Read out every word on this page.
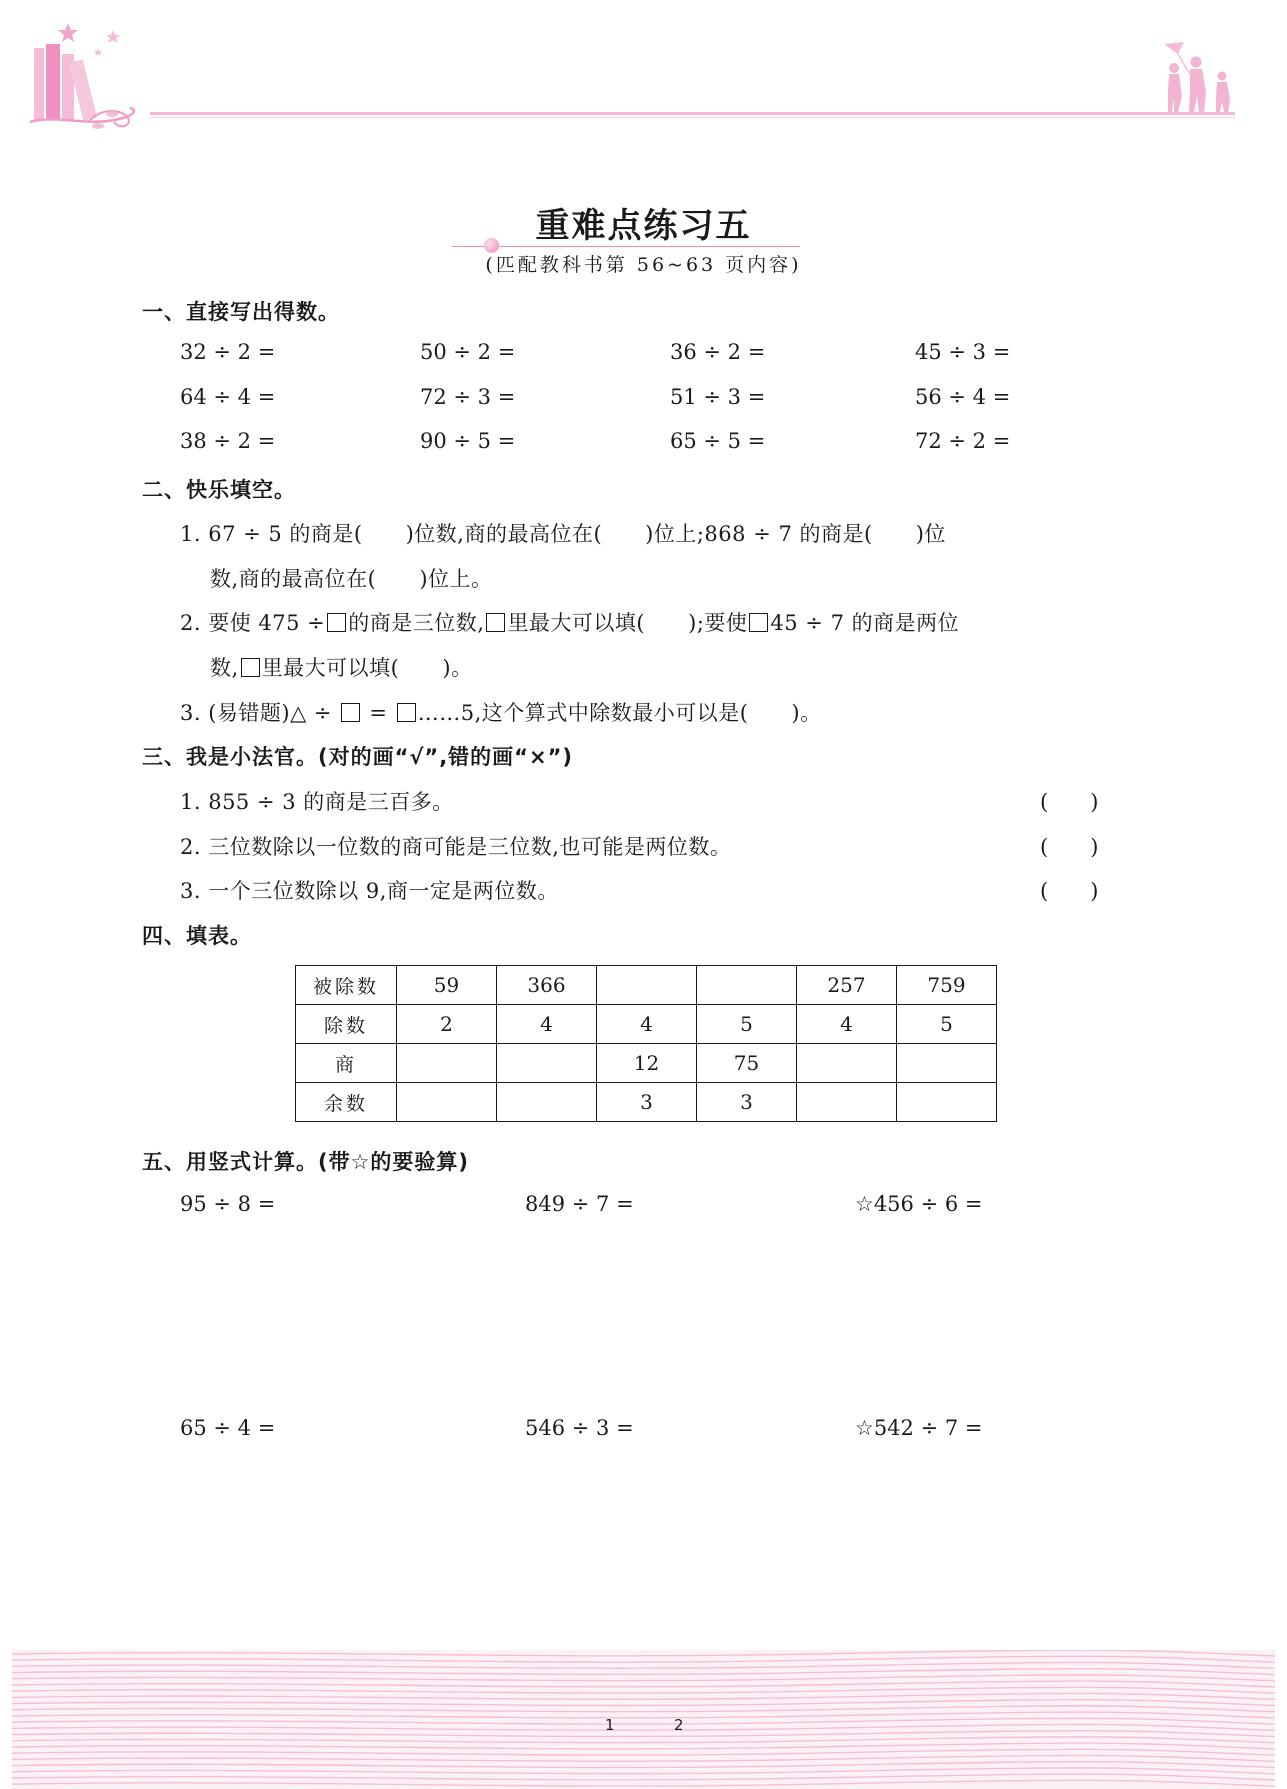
重难点练习五
(匹配教科书第 56~63 页内容)
一、直接写出得数。
32 ÷ 2 =	50 ÷ 2 =	36 ÷ 2 =	45 ÷ 3 =
64 ÷ 4 =	72 ÷ 3 =	51 ÷ 3 =	56 ÷ 4 =
38 ÷ 2 =	90 ÷ 5 =	65 ÷ 5 =	72 ÷ 2 =
二、快乐填空。
1. 67 ÷ 5 的商是(　　)位数,商的最高位在(　　)位上;868 ÷ 7 的商是(　　)位
数,商的最高位在(　　)位上。
2. 要使 475 ÷ 的商是三位数, 里最大可以填(　　);要使 45 ÷ 7 的商是两位
数, 里最大可以填(　　)。
3. (易错题)△ ÷ = ……5,这个算式中除数最小可以是(　　)。
三、我是小法官。(对的画“√”,错的画“×”)
1. 855 ÷ 3 的商是三百多。	(　　)
2. 三位数除以一位数的商可能是三位数,也可能是两位数。	(　　)
3. 一个三位数除以 9,商一定是两位数。	(　　)
四、填表。
被除数	59	366			257	759
除数	2	4	4	5	4	5
商			12	75		
余数			3	3		
五、用竖式计算。(带☆的要验算)
95 ÷ 8 =	849 ÷ 7 =	☆456 ÷ 6 =
65 ÷ 4 =	546 ÷ 3 =	☆542 ÷ 7 =
1	2
